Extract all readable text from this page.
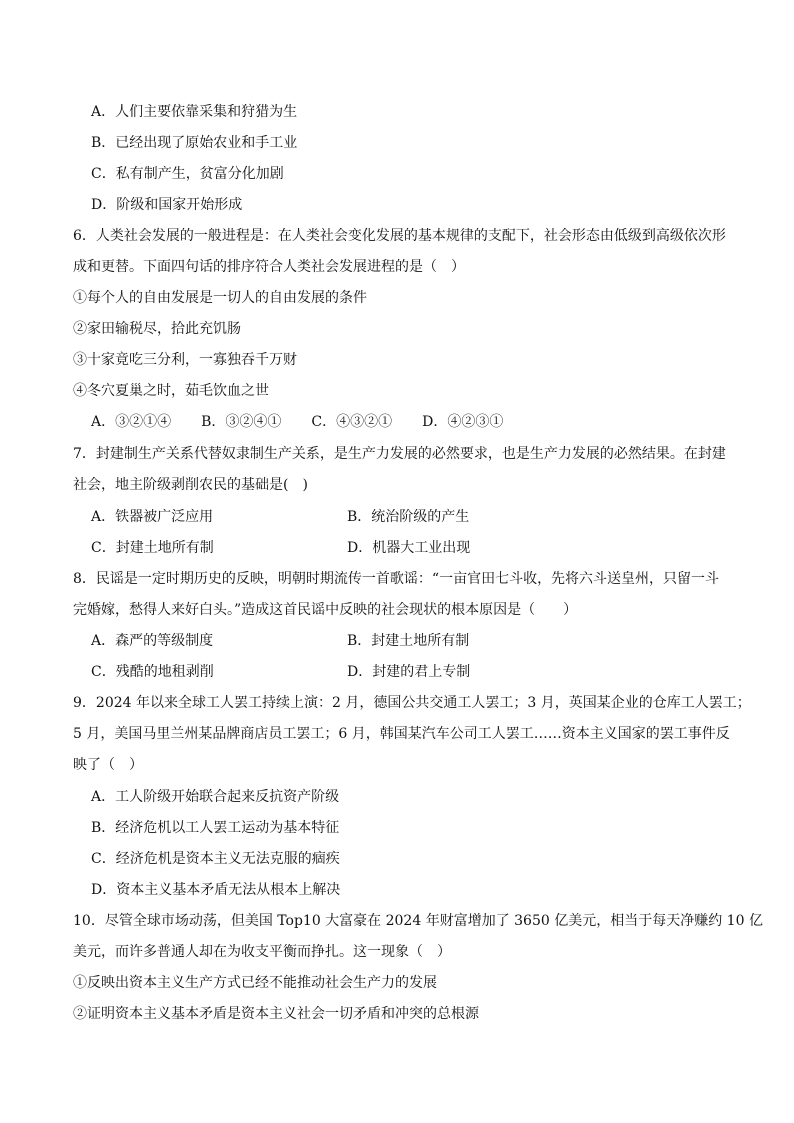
A．人们主要依靠采集和狩猎为生
B．已经出现了原始农业和手工业
C．私有制产生，贫富分化加剧
D．阶级和国家开始形成
6．人类社会发展的一般进程是：在人类社会变化发展的基本规律的支配下，社会形态由低级到高级依次形
成和更替。下面四句话的排序符合人类社会发展进程的是（　）
①每个人的自由发展是一切人的自由发展的条件
②家田输税尽，拾此充饥肠
③十家竟吃三分利，一寡独吞千万财
④冬穴夏巢之时，茹毛饮血之世
A．③②①④ B．③②④① C．④③②① D．④②③①
7．封建制生产关系代替奴隶制生产关系，是生产力发展的必然要求，也是生产力发展的必然结果。在封建
社会，地主阶级剥削农民的基础是(　)
A．铁器被广泛应用	B．统治阶级的产生
C．封建土地所有制	D．机器大工业出现
8．民谣是一定时期历史的反映，明朝时期流传一首歌谣：“一亩官田七斗收，先将六斗送皇州，只留一斗
完婚嫁，愁得人来好白头。”造成这首民谣中反映的社会现状的根本原因是（　　）
A．森严的等级制度	B．封建土地所有制
C．残酷的地租剥削	D．封建的君上专制
9．2024 年以来全球工人罢工持续上演：2 月，德国公共交通工人罢工；3 月，英国某企业的仓库工人罢工；
5 月，美国马里兰州某品牌商店员工罢工；6 月，韩国某汽车公司工人罢工……资本主义国家的罢工事件反
映了（　）
A．工人阶级开始联合起来反抗资产阶级
B．经济危机以工人罢工运动为基本特征
C．经济危机是资本主义无法克服的痼疾
D．资本主义基本矛盾无法从根本上解决
10．尽管全球市场动荡，但美国 Top10 大富豪在 2024 年财富增加了 3650 亿美元，相当于每天净赚约 10 亿
美元，而许多普通人却在为收支平衡而挣扎。这一现象（　）
①反映出资本主义生产方式已经不能推动社会生产力的发展
②证明资本主义基本矛盾是资本主义社会一切矛盾和冲突的总根源
